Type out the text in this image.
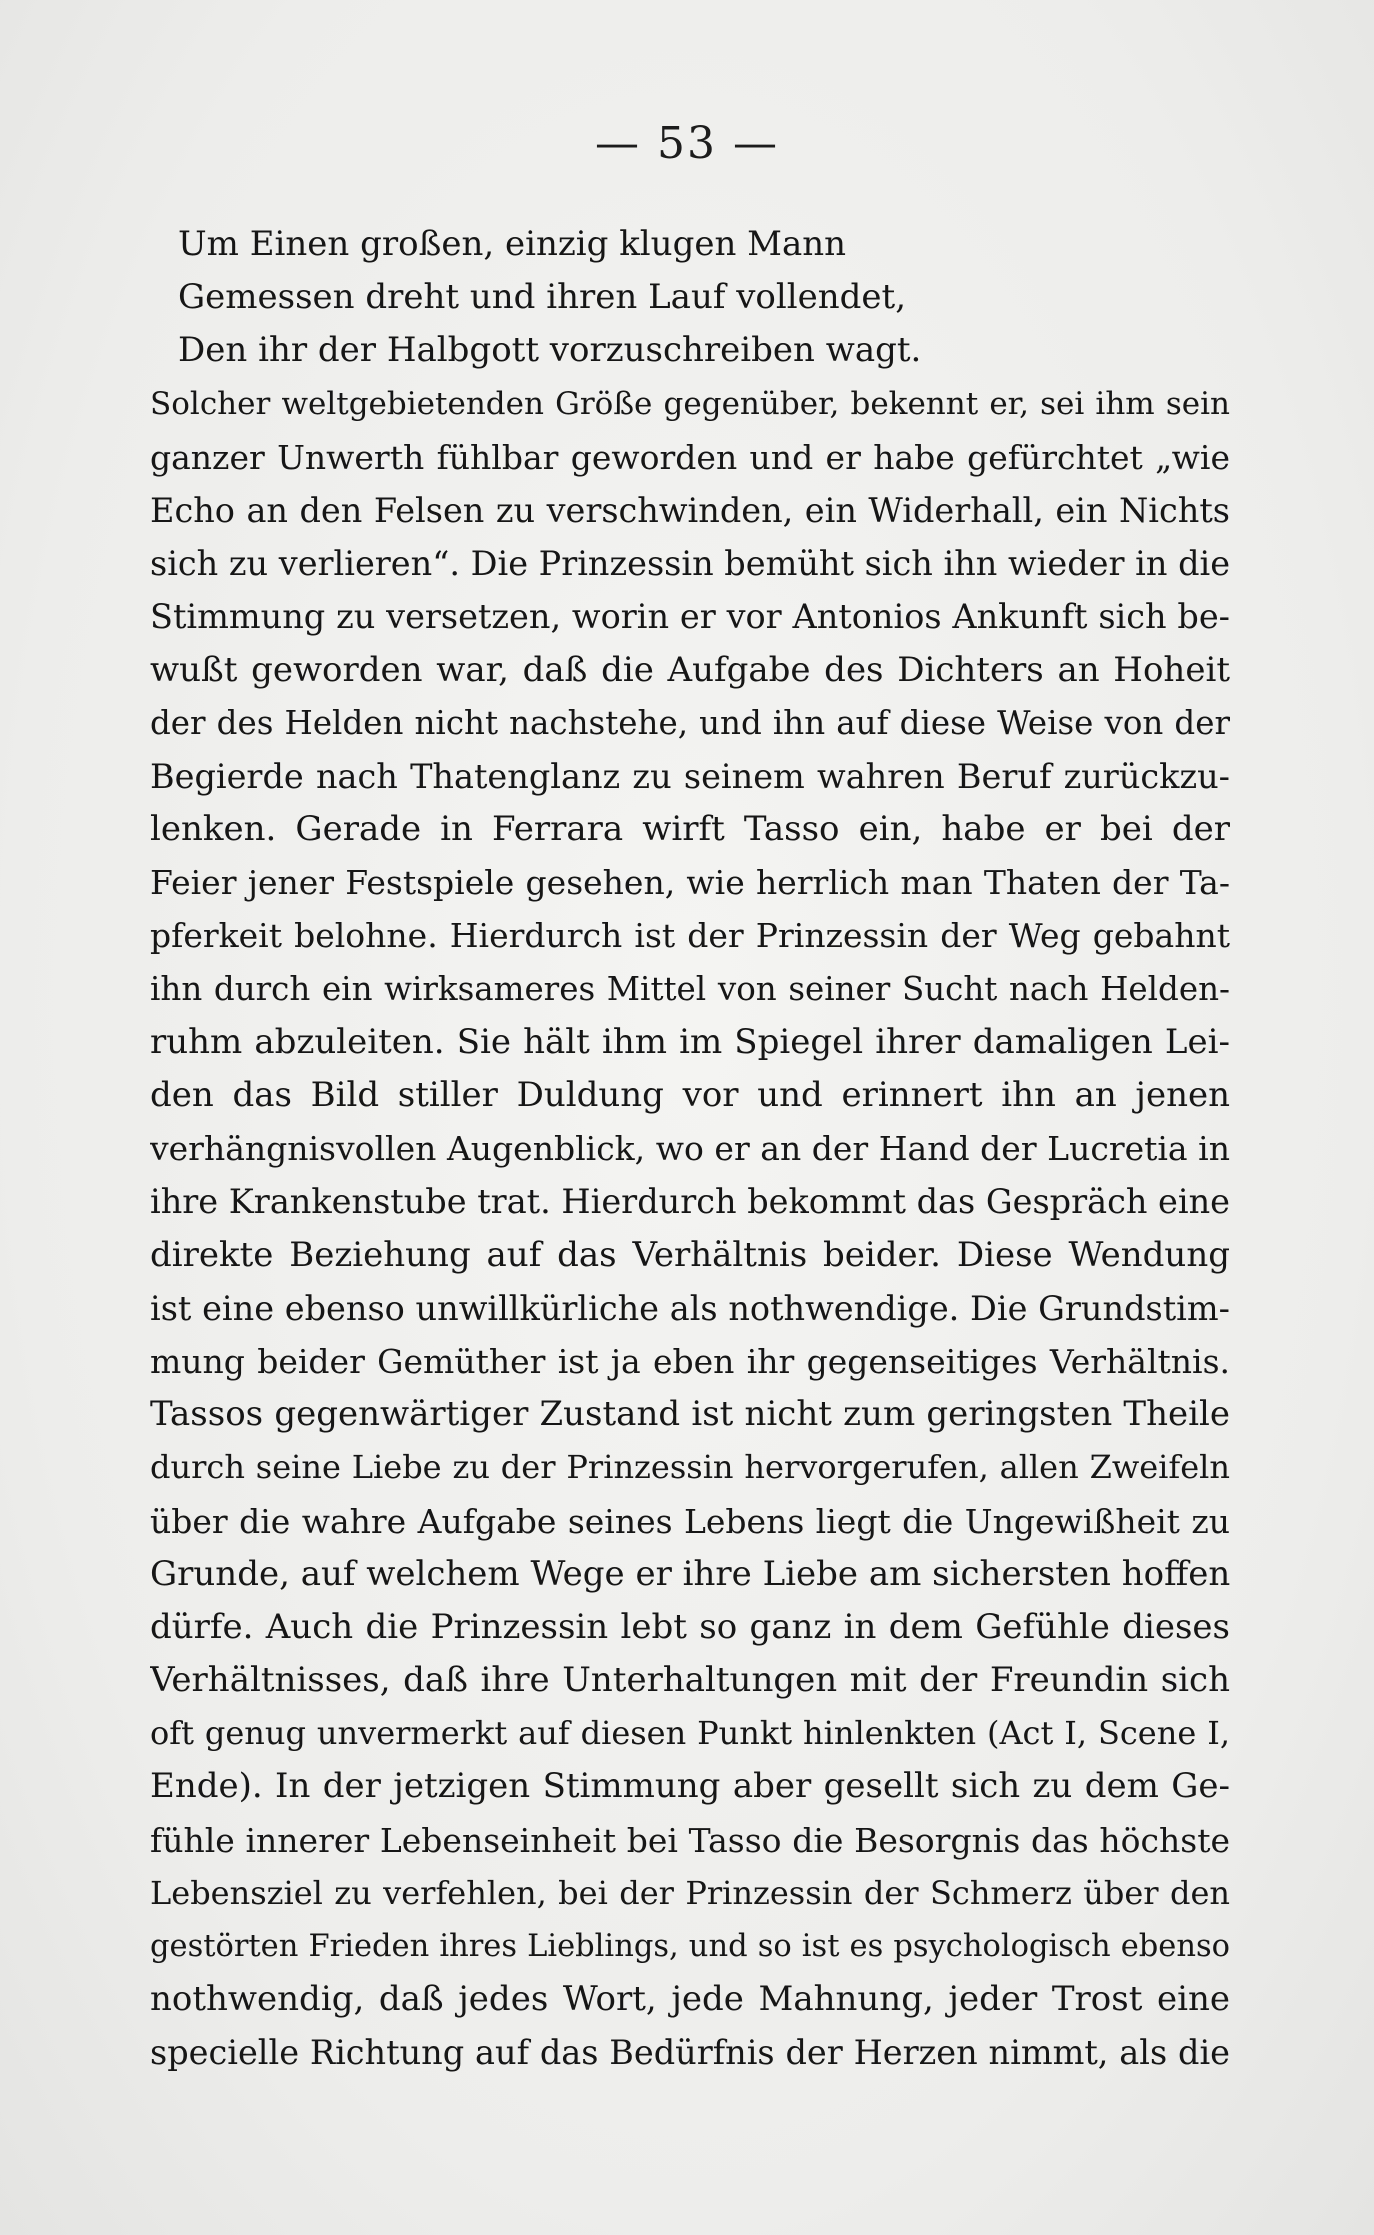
— 53 —
Um Einen großen, einzig klugen Mann
Gemessen dreht und ihren Lauf vollendet,
Den ihr der Halbgott vorzuschreiben wagt.
Solcher weltgebietenden Größe gegenüber, bekennt er, sei ihm sein
ganzer Unwerth fühlbar geworden und er habe gefürchtet „wie
Echo an den Felsen zu verschwinden, ein Widerhall, ein Nichts
sich zu verlieren“. Die Prinzessin bemüht sich ihn wieder in die
Stimmung zu versetzen, worin er vor Antonios Ankunft sich be-
wußt geworden war, daß die Aufgabe des Dichters an Hoheit
der des Helden nicht nachstehe, und ihn auf diese Weise von der
Begierde nach Thatenglanz zu seinem wahren Beruf zurückzu-
lenken. Gerade in Ferrara wirft Tasso ein, habe er bei der
Feier jener Festspiele gesehen, wie herrlich man Thaten der Ta-
pferkeit belohne. Hierdurch ist der Prinzessin der Weg gebahnt
ihn durch ein wirksameres Mittel von seiner Sucht nach Helden-
ruhm abzuleiten. Sie hält ihm im Spiegel ihrer damaligen Lei-
den das Bild stiller Duldung vor und erinnert ihn an jenen
verhängnisvollen Augenblick, wo er an der Hand der Lucretia in
ihre Krankenstube trat. Hierdurch bekommt das Gespräch eine
direkte Beziehung auf das Verhältnis beider. Diese Wendung
ist eine ebenso unwillkürliche als nothwendige. Die Grundstim-
mung beider Gemüther ist ja eben ihr gegenseitiges Verhältnis.
Tassos gegenwärtiger Zustand ist nicht zum geringsten Theile
durch seine Liebe zu der Prinzessin hervorgerufen, allen Zweifeln
über die wahre Aufgabe seines Lebens liegt die Ungewißheit zu
Grunde, auf welchem Wege er ihre Liebe am sichersten hoffen
dürfe. Auch die Prinzessin lebt so ganz in dem Gefühle dieses
Verhältnisses, daß ihre Unterhaltungen mit der Freundin sich
oft genug unvermerkt auf diesen Punkt hinlenkten (Act I, Scene I,
Ende). In der jetzigen Stimmung aber gesellt sich zu dem Ge-
fühle innerer Lebenseinheit bei Tasso die Besorgnis das höchste
Lebensziel zu verfehlen, bei der Prinzessin der Schmerz über den
gestörten Frieden ihres Lieblings, und so ist es psychologisch ebenso
nothwendig, daß jedes Wort, jede Mahnung, jeder Trost eine
specielle Richtung auf das Bedürfnis der Herzen nimmt, als die
